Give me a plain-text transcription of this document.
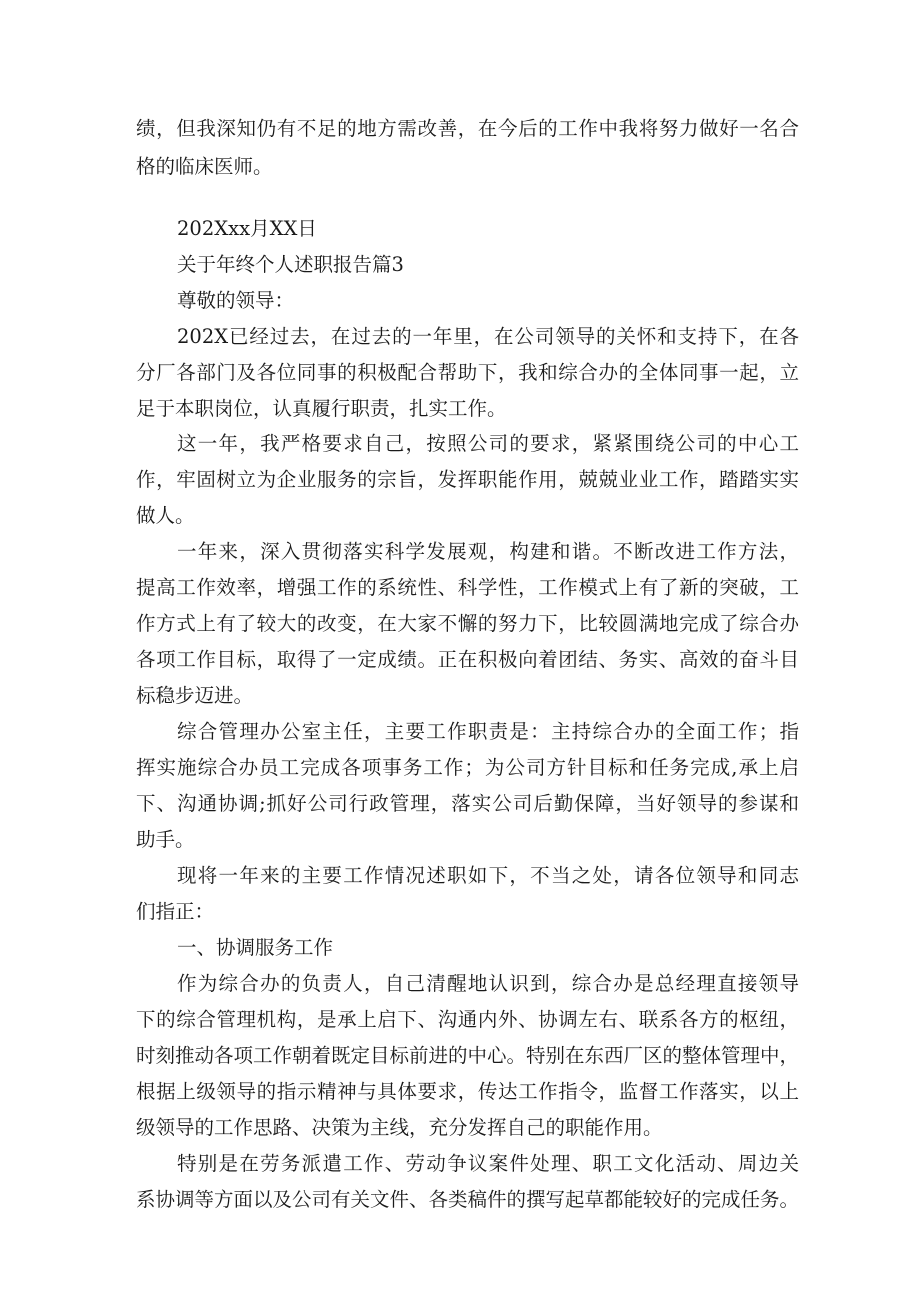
绩，但我深知仍有不足的地方需改善，在今后的工作中我将努力做好一名合
格的临床医师。
202Xxx月XX日
关于年终个人述职报告篇3
尊敬的领导：
202X已经过去，在过去的一年里，在公司领导的关怀和支持下，在各
分厂各部门及各位同事的积极配合帮助下，我和综合办的全体同事一起，立
足于本职岗位，认真履行职责，扎实工作。
这一年，我严格要求自己，按照公司的要求，紧紧围绕公司的中心工
作，牢固树立为企业服务的宗旨，发挥职能作用，兢兢业业工作，踏踏实实
做人。
一年来，深入贯彻落实科学发展观，构建和谐。不断改进工作方法，
提高工作效率，增强工作的系统性、科学性，工作模式上有了新的突破，工
作方式上有了较大的改变，在大家不懈的努力下，比较圆满地完成了综合办
各项工作目标，取得了一定成绩。正在积极向着团结、务实、高效的奋斗目
标稳步迈进。
综合管理办公室主任，主要工作职责是：主持综合办的全面工作；指
挥实施综合办员工完成各项事务工作；为公司方针目标和任务完成,承上启
下、沟通协调;抓好公司行政管理，落实公司后勤保障，当好领导的参谋和
助手。
现将一年来的主要工作情况述职如下，不当之处，请各位领导和同志
们指正：
一、协调服务工作
作为综合办的负责人，自己清醒地认识到，综合办是总经理直接领导
下的综合管理机构，是承上启下、沟通内外、协调左右、联系各方的枢纽，
时刻推动各项工作朝着既定目标前进的中心。特别在东西厂区的整体管理中，
根据上级领导的指示精神与具体要求，传达工作指令，监督工作落实，以上
级领导的工作思路、决策为主线，充分发挥自己的职能作用。
特别是在劳务派遣工作、劳动争议案件处理、职工文化活动、周边关
系协调等方面以及公司有关文件、各类稿件的撰写起草都能较好的完成任务。
